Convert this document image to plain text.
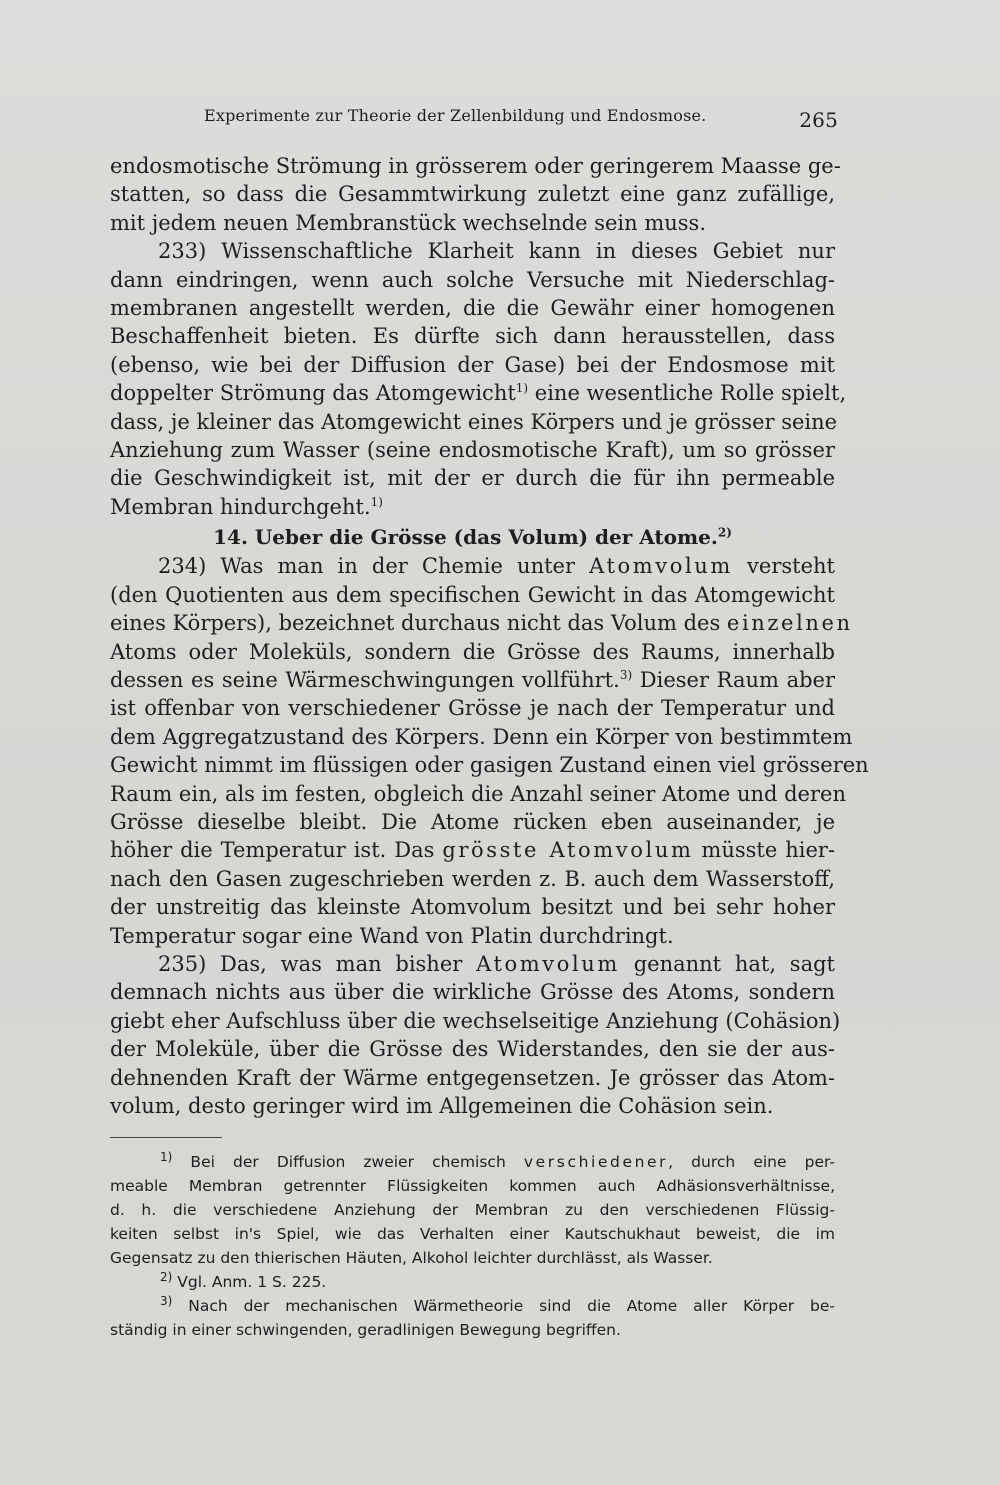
Experimente zur Theorie der Zellenbildung und Endosmose.	265
endosmotische Strömung in grösserem oder geringerem Maasse ge-
statten, so dass die Gesammtwirkung zuletzt eine ganz zufällige,
mit jedem neuen Membranstück wechselnde sein muss.
233) Wissenschaftliche Klarheit kann in dieses Gebiet nur
dann eindringen, wenn auch solche Versuche mit Niederschlag-
membranen angestellt werden, die die Gewähr einer homogenen
Beschaffenheit bieten. Es dürfte sich dann herausstellen, dass
(ebenso, wie bei der Diffusion der Gase) bei der Endosmose mit
doppelter Strömung das Atomgewicht$^{1)}$ eine wesentliche Rolle spielt,
dass, je kleiner das Atomgewicht eines Körpers und je grösser seine
Anziehung zum Wasser (seine endosmotische Kraft), um so grösser
die Geschwindigkeit ist, mit der er durch die für ihn permeable
Membran hindurchgeht.$^{1)}$
14. Ueber die Grösse (das Volum) der Atome.$^{2)}$
234) Was man in der Chemie unter Atomvolum versteht
(den Quotienten aus dem specifischen Gewicht in das Atomgewicht
eines Körpers), bezeichnet durchaus nicht das Volum des einzelnen
Atoms oder Moleküls, sondern die Grösse des Raums, innerhalb
dessen es seine Wärmeschwingungen vollführt.$^{3)}$ Dieser Raum aber
ist offenbar von verschiedener Grösse je nach der Temperatur und
dem Aggregatzustand des Körpers. Denn ein Körper von bestimmtem
Gewicht nimmt im flüssigen oder gasigen Zustand einen viel grösseren
Raum ein, als im festen, obgleich die Anzahl seiner Atome und deren
Grösse dieselbe bleibt. Die Atome rücken eben auseinander, je
höher die Temperatur ist. Das grösste Atomvolum müsste hier-
nach den Gasen zugeschrieben werden z. B. auch dem Wasserstoff,
der unstreitig das kleinste Atomvolum besitzt und bei sehr hoher
Temperatur sogar eine Wand von Platin durchdringt.
235) Das, was man bisher Atomvolum genannt hat, sagt
demnach nichts aus über die wirkliche Grösse des Atoms, sondern
giebt eher Aufschluss über die wechselseitige Anziehung (Cohäsion)
der Moleküle, über die Grösse des Widerstandes, den sie der aus-
dehnenden Kraft der Wärme entgegensetzen. Je grösser das Atom-
volum, desto geringer wird im Allgemeinen die Cohäsion sein.
$^{1)}$ Bei der Diffusion zweier chemisch verschiedener, durch eine per-
meable Membran getrennter Flüssigkeiten kommen auch Adhäsionsverhältnisse,
d. h. die verschiedene Anziehung der Membran zu den verschiedenen Flüssig-
keiten selbst in's Spiel, wie das Verhalten einer Kautschukhaut beweist, die im
Gegensatz zu den thierischen Häuten, Alkohol leichter durchlässt, als Wasser.
$^{2)}$ Vgl. Anm. 1 S. 225.
$^{3)}$ Nach der mechanischen Wärmetheorie sind die Atome aller Körper be-
ständig in einer schwingenden, geradlinigen Bewegung begriffen.
